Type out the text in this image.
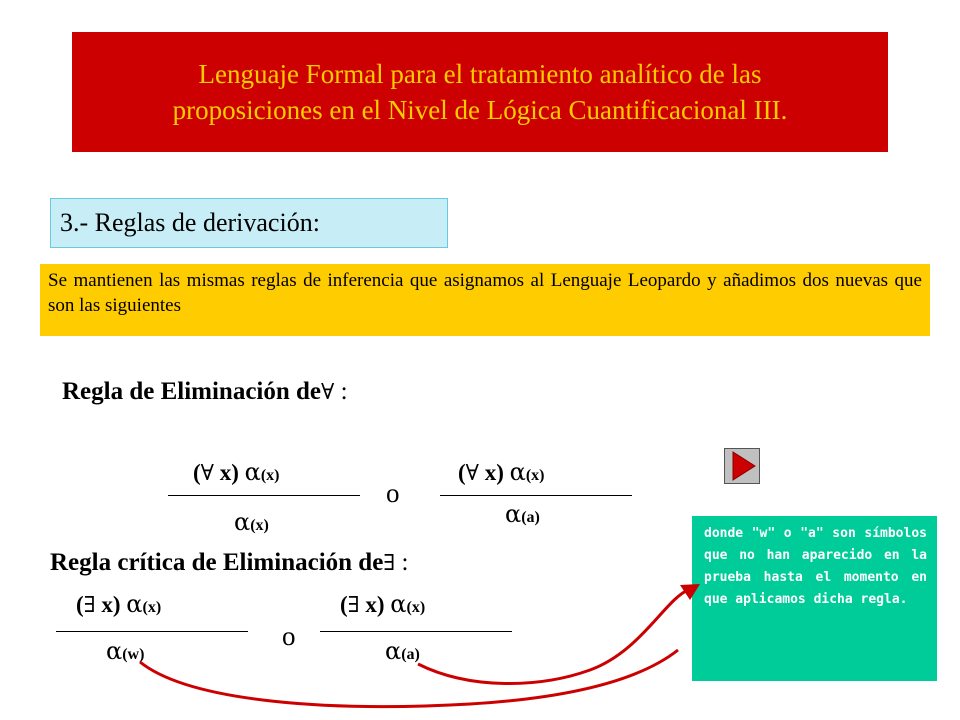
Lenguaje Formal para el tratamiento analítico de las
proposiciones en el Nivel de Lógica Cuantificacional III.
3.- Reglas de derivación:
Se mantienen las mismas reglas de inferencia que asignamos al Lenguaje Leopardo y añadimos dos nuevas que son las siguientes
Regla de Eliminación de∀ :
(∀ x) α(x)
α(x)
o
(∀ x) α(x)
α(a)
Regla crítica de Eliminación de∃ :
(∃ x) α(x)
α(w)
o
(∃ x) α(x)
α(a)
donde "w" o "a" son símbolos que no han aparecido en la prueba hasta el momento en que aplicamos dicha regla.
